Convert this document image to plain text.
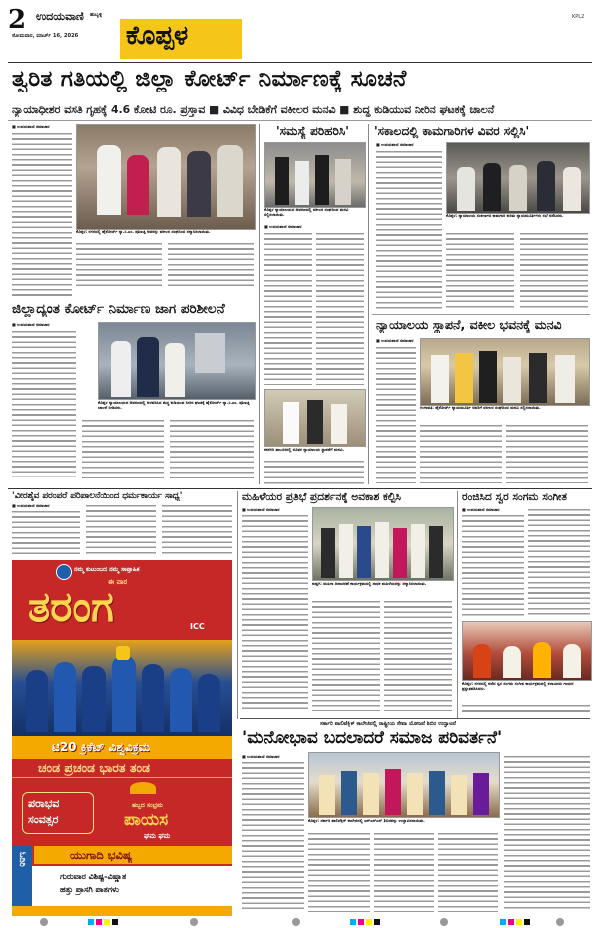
2 ಉದಯವಾಣಿ ಹುಬ್ಬಳ್ಳಿ
ಸೋಮವಾರ, ಮಾರ್ಚ್ 16, 2026 ಕೊಪ್ಪಳ
KPL2
ತ್ವರಿತ ಗತಿಯಲ್ಲಿ ಜಿಲ್ಲಾ ಕೋರ್ಟ್ ನಿರ್ಮಾಣಕ್ಕೆ ಸೂಚನೆ
ನ್ಯಾಯಾಧೀಶರ ವಸತಿ ಗೃಹಕ್ಕೆ 4.6 ಕೋಟಿ ರೂ. ಪ್ರಸ್ತಾವ ■ ವಿವಿಧ ಬೇಡಿಕೆಗೆ ವಕೀಲರ ಮನವಿ ■ ಶುದ್ಧ ಕುಡಿಯುವ ನೀರಿನ ಘಟಕಕ್ಕೆ ಚಾಲನೆ
■ ಉದಯವಾಣಿ ಸಮಾಚಾರ
ಕೊಪ್ಪಳ: ನಗರದಲ್ಲಿ ಹೈಕೋರ್ಟ್ ನ್ಯಾ.ಸಿ.ಎಂ. ಪೂಣಚ್ಚ ಅವರನ್ನು ವಕೀಲರ ಸಂಘದಿಂದ ಸನ್ಮಾನಿಸಲಾಯಿತು.
ಜಿಲ್ಲಾದ್ಯಂತ ಕೋರ್ಟ್ ನಿರ್ಮಾಣ ಜಾಗ ಪರಿಶೀಲನೆ
■ ಉದಯವಾಣಿ ಸಮಾಚಾರ
ಕೊಪ್ಪಳ ನ್ಯಾಯಾಲಯದ ಆವರಣದಲ್ಲಿ ಅಳವಡಿಸಿದ ಶುದ್ಧ ಕುಡಿಯುವ ನೀರಿನ ಘಟಕಕ್ಕೆ ಹೈಕೋರ್ಟ್ ನ್ಯಾ.ಸಿ.ಎಂ. ಪೂಣಚ್ಚ ಚಾಲನೆ ನೀಡಿದರು.
'ಸಮಸ್ಯೆ ಪರಿಹರಿಸಿ'
ಕೊಪ್ಪಳ ನ್ಯಾಯಾಲಯದ ಆವರಣದಲ್ಲಿ ವಕೀಲರ ಸಂಘದಿಂದ ಮನವಿ ಸಲ್ಲಿಸಲಾಯಿತು.
■ ಉದಯವಾಣಿ ಸಮಾಚಾರ
ಕನಕಗಿರಿ ತಾಲೂಕಿನಲ್ಲಿ ನೂತನ ನ್ಯಾಯಾಲಯ ಸ್ಥಾಪನೆಗೆ ಮನವಿ.
'ಸಕಾಲದಲ್ಲಿ ಕಾಮಗಾರಿಗಳ ವಿವರ ಸಲ್ಲಿಸಿ'
■ ಉದಯವಾಣಿ ಸಮಾಚಾರ
ಕೊಪ್ಪಳ: ನ್ಯಾಯಾಲಯ ಸಂಕೀರ್ಣದ ಕಾಮಗಾರಿ ಕುರಿತು ನ್ಯಾಯಮೂರ್ತಿಗಳು ಸಭೆ ನಡೆಸಿದರು.
ನ್ಯಾಯಾಲಯ ಸ್ಥಾಪನೆ, ವಕೀಲ ಭವನಕ್ಕೆ ಮನವಿ
■ ಉದಯವಾಣಿ ಸಮಾಚಾರ
ಗಂಗಾವತಿ: ಹೈಕೋರ್ಟ್ ನ್ಯಾಯಮೂರ್ತಿ ಅವರಿಗೆ ವಕೀಲರ ಸಂಘದಿಂದ ಮನವಿ ಸಲ್ಲಿಸಲಾಯಿತು.
'ವೀರಶೈವ ಪರಂಪರೆ ಪರಿಪಾಲನೆಯಿಂದ ಧರ್ಮಕಾರ್ಯ ಸಾಧ್ಯ'
■ ಉದಯವಾಣಿ ಸಮಾಚಾರ
ನಮ್ಮ ಕುಟುಂಬದ ನಮ್ಮ ಸಾಪ್ತಾಹಿಕ
ಈ ವಾರ
ತರಂಗ	ICC
ಟಿ20 ಕ್ರಿಕೆಟ್ ವಿಶ್ವವಿಕ್ರಮ
ಚಂಡ ಪ್ರಚಂಡ ಭಾರತ ತಂಡ
ಪರಾಭವ ಸಂವತ್ಸರ
ಹಬ್ಬದ ಸಂಭ್ರಮ
ಪಾಯಸ
ಘಮ ಘಮ
ಯುಗಾದಿ ಭವಿಷ್ಯ
ಓದಿರಿ
ಗುರುವಾರ ವಿಶಿಷ್ಟ-ವಿಷ್ಣಾತ
ಹತ್ತು ಪ್ರಾಸಗಿ ಪಾತಗಳು
ಮಹಿಳೆಯರ ಪ್ರತಿಭೆ ಪ್ರದರ್ಶನಕ್ಕೆ ಅವಕಾಶ ಕಲ್ಪಿಸಿ
■ ಉದಯವಾಣಿ ಸಮಾಚಾರ
ಕುಷ್ಟಗಿ: ಮಹಿಳಾ ದಿನಾಚರಣೆ ಕಾರ್ಯಕ್ರಮದಲ್ಲಿ ಸಾಧಕ ಮಹಿಳೆಯರನ್ನು ಸನ್ಮಾನಿಸಲಾಯಿತು.
ರಂಜಿಸಿದ ಸ್ವರ ಸಂಗಮ ಸಂಗೀತ
■ ಉದಯವಾಣಿ ಸಮಾಚಾರ
ಕೊಪ್ಪಳ: ನಗರದಲ್ಲಿ ನಡೆದ ಸ್ವರ ಸಂಗಮ ಸಂಗೀತ ಕಾರ್ಯಕ್ರಮದಲ್ಲಿ ಕಲಾವಿದರು ಗಾಯನ ಪ್ರಸ್ತುತಪಡಿಸಿದರು.
ಸರ್ಕಾರಿ ಪಾಲಿಟೆಕ್ನಿಕ್ ಕಾಲೇಜಿನಲ್ಲಿ ರಾಷ್ಟ್ರೀಯ ಸೇವಾ ಯೋಜನೆ ಶಿಬಿರ ಉದ್ಘಾಟನೆ
'ಮನೋಭಾವ ಬದಲಾದರೆ ಸಮಾಜ ಪರಿವರ್ತನೆ'
■ ಉದಯವಾಣಿ ಸಮಾಚಾರ
ಕೊಪ್ಪಳ: ಸರ್ಕಾರಿ ಪಾಲಿಟೆಕ್ನಿಕ್ ಕಾಲೇಜಿನಲ್ಲಿ ಎನ್‌ಎಸ್‌ಎಸ್ ಶಿಬಿರವನ್ನು ಉದ್ಘಾಟಿಸಲಾಯಿತು.
